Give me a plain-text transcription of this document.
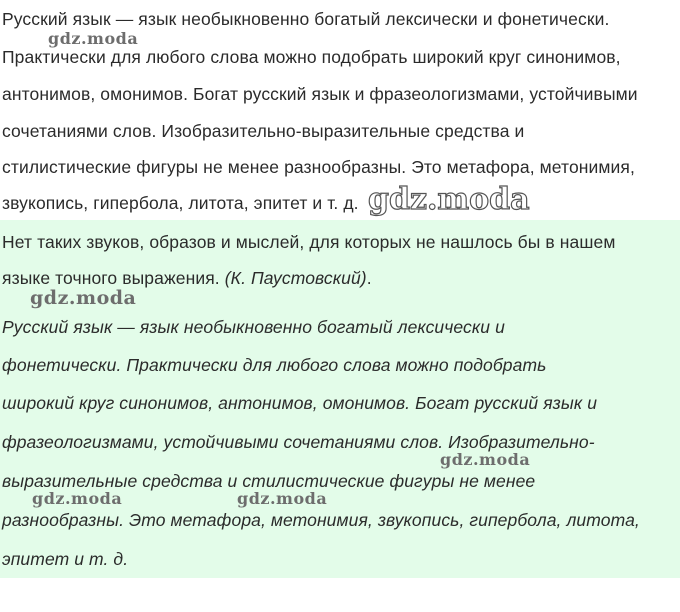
Русский язык — язык необыкновенно богатый лексически и фонетически.
Практически для любого слова можно подобрать широкий круг синонимов,
антонимов, омонимов. Богат русский язык и фразеологизмами, устойчивыми
сочетаниями слов. Изобразительно-выразительные средства и
стилистические фигуры не менее разнообразны. Это метафора, метонимия,
звукопись, гипербола, литота, эпитет и т. д.
Нет таких звуков, образов и мыслей, для которых не нашлось бы в нашем
языке точного выражения. (К. Паустовский).
Русский язык — язык необыкновенно богатый лексически и
фонетически. Практически для любого слова можно подобрать
широкий круг синонимов, антонимов, омонимов. Богат русский язык и
фразеологизмами, устойчивыми сочетаниями слов. Изобразительно-
выразительные средства и стилистические фигуры не менее
разнообразны. Это метафора, метонимия, звукопись, гипербола, литота,
эпитет и т. д.
gdz.moda
gdz.moda
gdz.moda
gdz.moda
gdz.moda	gdz.moda
